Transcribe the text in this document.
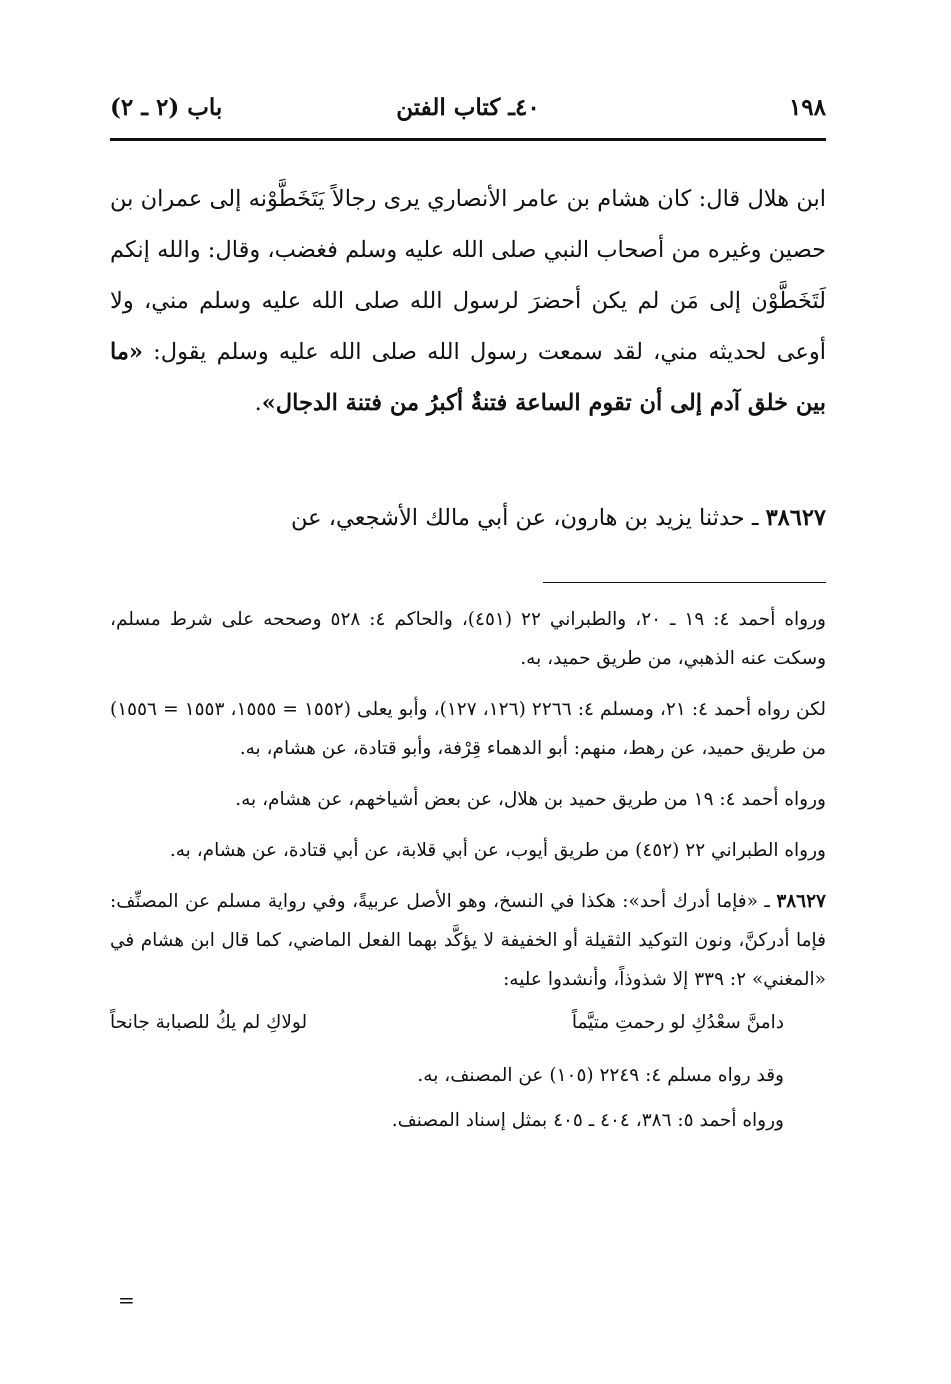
١٩٨
٤٠ـ كتاب الفتن
باب (٢ ـ ٢)
ابن هلال قال: كان هشام بن عامر الأنصاري يرى رجالاً يَتَخَطَّوْنه إلى عمران بن حصين وغيره من أصحاب النبي صلى الله عليه وسلم فغضب، وقال: والله إنكم لَتَخَطَّوْن إلى مَن لم يكن أحضرَ لرسول الله صلى الله عليه وسلم مني، ولا أوعى لحديثه مني، لقد سمعت رسول الله صلى الله عليه وسلم يقول: «ما بين خلق آدم إلى أن تقوم الساعة فتنةٌ أكبرُ من فتنة الدجال».
٣٨٦٢٧ ـ حدثنا يزيد بن هارون، عن أبي مالك الأشجعي، عن

ورواه أحمد ٤: ١٩ ـ ٢٠، والطبراني ٢٢ (٤٥١)، والحاكم ٤: ٥٢٨ وصححه على شرط مسلم، وسكت عنه الذهبي، من طريق حميد، به.

لكن رواه أحمد ٤: ٢١، ومسلم ٤: ٢٢٦٦ (١٢٦، ١٢٧)، وأبو يعلى (١٥٥٢ = ١٥٥٥، ١٥٥٣ = ١٥٥٦) من طريق حميد، عن رهط، منهم: أبو الدهماء قِرْفة، وأبو قتادة، عن هشام، به.

ورواه أحمد ٤: ١٩ من طريق حميد بن هلال، عن بعض أشياخهم، عن هشام، به.

ورواه الطبراني ٢٢ (٤٥٢) من طريق أيوب، عن أبي قلابة، عن أبي قتادة، عن هشام، به.

٣٨٦٢٧ ـ «فإما أدرك أحد»: هكذا في النسخ، وهو الأصل عربيةً، وفي رواية مسلم عن المصنِّف: فإما أدركنَّ، ونون التوكيد الثقيلة أو الخفيفة لا يؤكَّد بهما الفعل الماضي، كما قال ابن هشام في «المغني» ٢: ٣٣٩ إلا شذوذاً، وأنشدوا عليه:

دامنَّ سعْدُكِ لو رحمتِ متيَّماً
لولاكِ لم يكُ للصبابة جانحاً

وقد رواه مسلم ٤: ٢٢٤٩ (١٠٥) عن المصنف، به.

ورواه أحمد ٥: ٣٨٦، ٤٠٤ ـ ٤٠٥ بمثل إسناد المصنف.

=
